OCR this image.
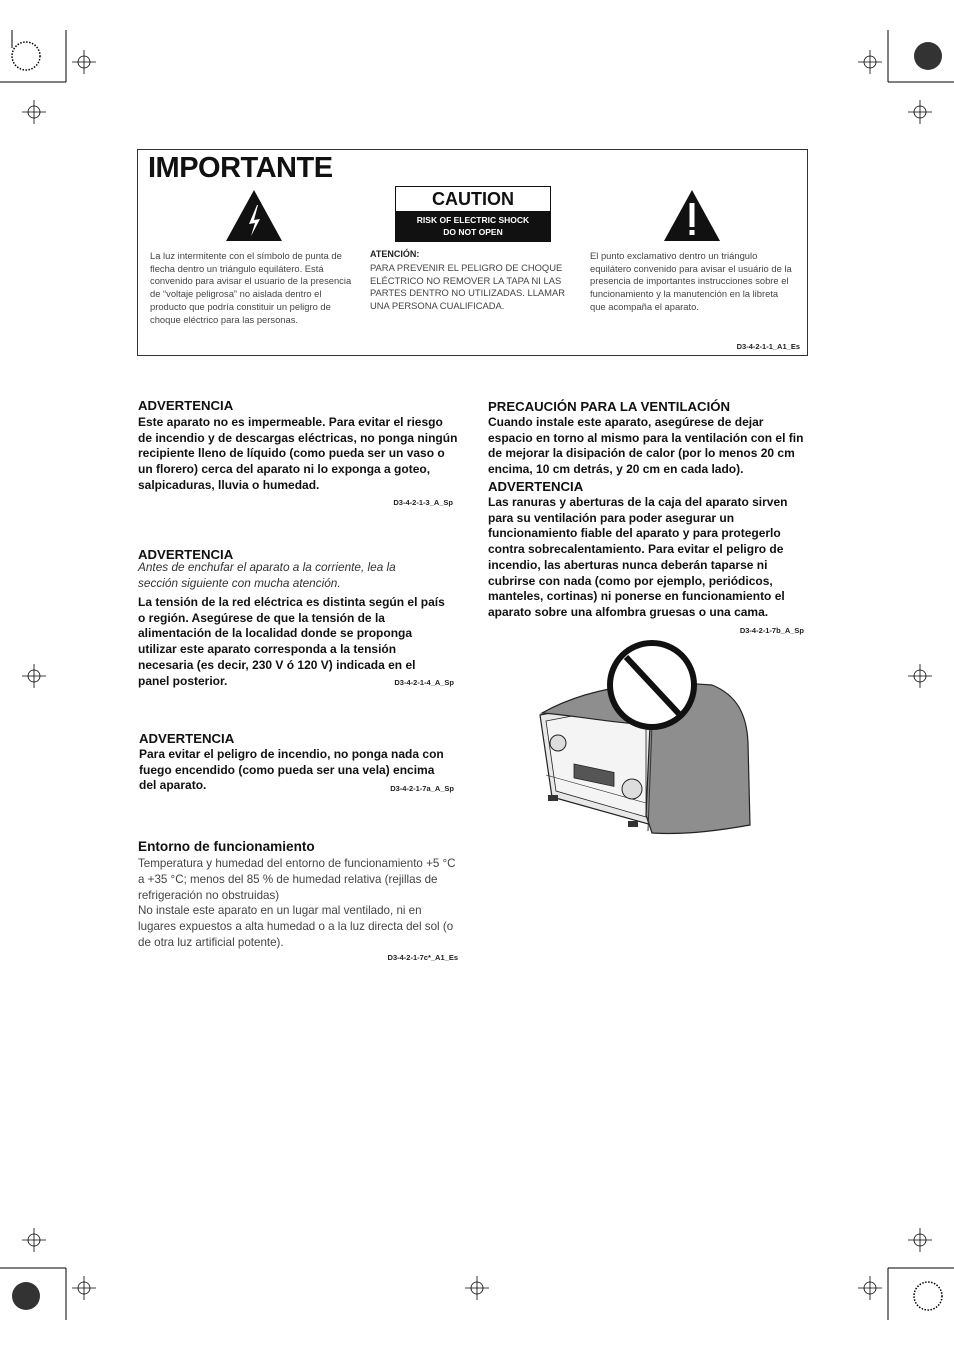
IMPORTANTE
CAUTION
RISK OF ELECTRIC SHOCK
DO NOT OPEN
La luz intermitente con el símbolo de punta de flecha dentro un triángulo equilátero. Está convenido para avisar el usuario de la presencia de “voltaje peligrosa” no aislada dentro el producto que podría constituir un peligro de choque eléctrico para las personas.
ATENCIÓN:
PARA PREVENIR EL PELIGRO DE CHOQUE ELÉCTRICO NO REMOVER LA TAPA NI LAS PARTES DENTRO NO UTILIZADAS. LLAMAR UNA PERSONA CUALIFICADA.
El punto exclamativo dentro un triángulo equilátero convenido para avisar el usuário de la presencia de importantes instrucciones sobre el funcionamiento y la manutención en la libreta que acompaña el aparato.
D3-4-2-1-1_A1_Es
ADVERTENCIA
Este aparato no es impermeable. Para evitar el riesgo de incendio y de descargas eléctricas, no ponga ningún recipiente lleno de líquido (como pueda ser un vaso o un florero) cerca del aparato ni lo exponga a goteo, salpicaduras, lluvia o humedad.
D3-4-2-1-3_A_Sp
ADVERTENCIA
Antes de enchufar el aparato a la corriente, lea la sección siguiente con mucha atención.
La tensión de la red eléctrica es distinta según el país o región. Asegúrese de que la tensión de la alimentación de la localidad donde se proponga utilizar este aparato corresponda a la tensión necesaria (es decir, 230 V ó 120 V) indicada en el panel posterior.	D3-4-2-1-4_A_Sp
ADVERTENCIA
Para evitar el peligro de incendio, no ponga nada con fuego encendido (como pueda ser una vela) encima del aparato.	D3-4-2-1-7a_A_Sp
Entorno de funcionamiento
Temperatura y humedad del entorno de funcionamiento +5 °C a +35 °C; menos del 85 % de humedad relativa (rejillas de refrigeración no obstruidas)
No instale este aparato en un lugar mal ventilado, ni en lugares expuestos a alta humedad o a la luz directa del sol (o de otra luz artificial potente).
D3-4-2-1-7c*_A1_Es
PRECAUCIÓN PARA LA VENTILACIÓN
Cuando instale este aparato, asegúrese de dejar espacio en torno al mismo para la ventilación con el fin de mejorar la disipación de calor (por lo menos 20 cm encima, 10 cm detrás, y 20 cm en cada lado).
ADVERTENCIA
Las ranuras y aberturas de la caja del aparato sirven para su ventilación para poder asegurar un funcionamiento fiable del aparato y para protegerlo contra sobrecalentamiento. Para evitar el peligro de incendio, las aberturas nunca deberán taparse ni cubrirse con nada (como por ejemplo, periódicos, manteles, cortinas) ni ponerse en funcionamiento el aparato sobre una alfombra gruesas o una cama.
D3-4-2-1-7b_A_Sp
